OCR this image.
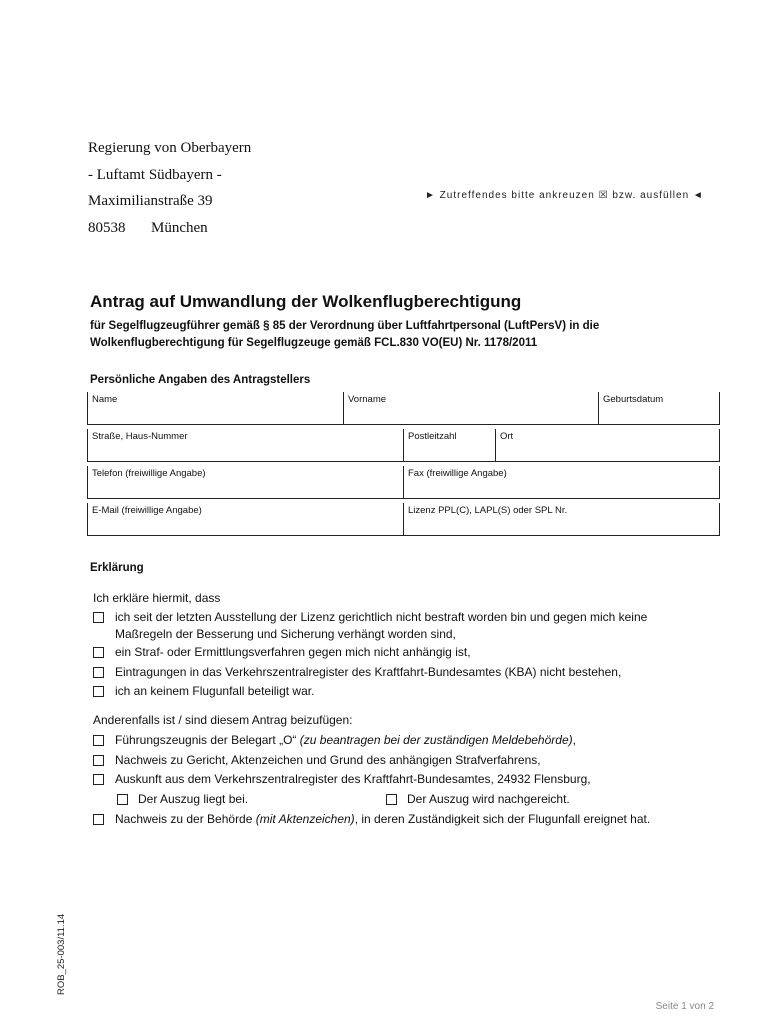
Regierung von Oberbayern
- Luftamt Südbayern -
Maximilianstraße 39
80538 München
► Zutreffendes bitte ankreuzen ☒ bzw. ausfüllen ◄
Antrag auf Umwandlung der Wolkenflugberechtigung
für Segelflugzeugführer gemäß § 85 der Verordnung über Luftfahrtpersonal (LuftPersV) in die Wolkenflugberechtigung für Segelflugzeuge gemäß FCL.830 VO(EU) Nr. 1178/2011
Persönliche Angaben des Antragstellers
Name	Vorname	Geburtsdatum
Straße, Haus-Nummer	Postleitzahl	Ort
Telefon (freiwillige Angabe)	Fax (freiwillige Angabe)
E-Mail (freiwillige Angabe)	Lizenz PPL(C), LAPL(S) oder SPL Nr.
Erklärung
Ich erkläre hiermit, dass
ich seit der letzten Ausstellung der Lizenz gerichtlich nicht bestraft worden bin und gegen mich keine
Maßregeln der Besserung und Sicherung verhängt worden sind,
ein Straf- oder Ermittlungsverfahren gegen mich nicht anhängig ist,
Eintragungen in das Verkehrszentralregister des Kraftfahrt-Bundesamtes (KBA) nicht bestehen,
ich an keinem Flugunfall beteiligt war.
Anderenfalls ist / sind diesem Antrag beizufügen:
Führungszeugnis der Belegart „O“ (zu beantragen bei der zuständigen Meldebehörde),
Nachweis zu Gericht, Aktenzeichen und Grund des anhängigen Strafverfahrens,
Auskunft aus dem Verkehrszentralregister des Kraftfahrt-Bundesamtes, 24932 Flensburg,
Der Auszug liegt bei.	Der Auszug wird nachgereicht.
Nachweis zu der Behörde (mit Aktenzeichen), in deren Zuständigkeit sich der Flugunfall ereignet hat.
ROB_25-003/11.14
Seite 1 von 2
